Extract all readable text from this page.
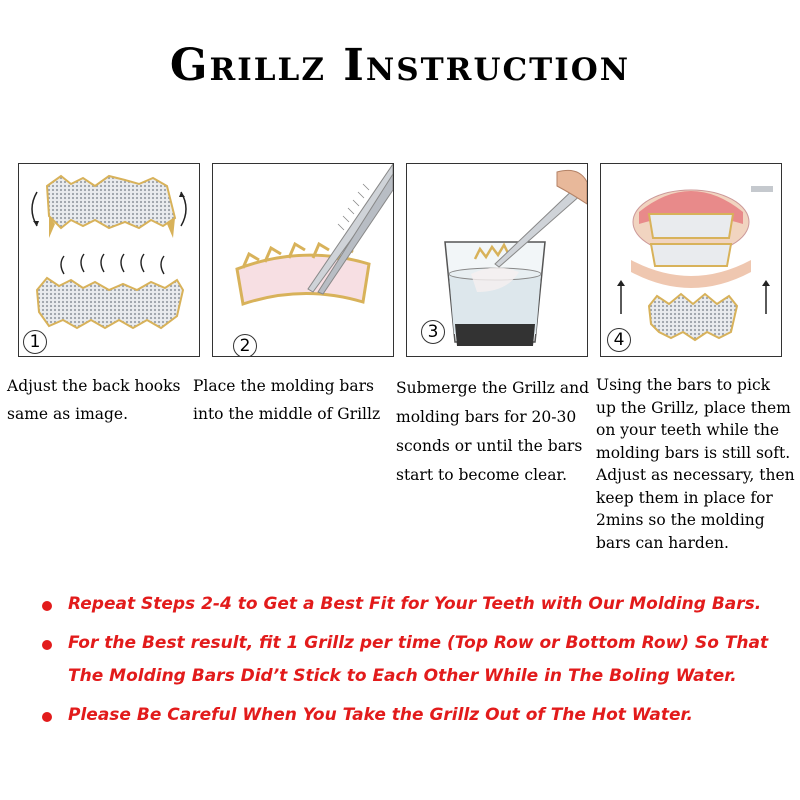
Grillz Instruction
1	2
3	4
Adjust the back hooks
same as image.
Place the molding bars
into the middle of Grillz
Submerge the Grillz and
molding bars for 20-30
sconds or until the bars
start to become clear.
Using the bars to pick
up the Grillz, place them
on your teeth while the
molding bars is still soft.
Adjust as necessary, then
keep them in place for
2mins so the molding
bars can harden.
Repeat Steps 2-4 to Get a Best Fit for Your Teeth with Our Molding Bars.
For the Best result, fit 1 Grillz per time (Top Row or Bottom Row) So That
The Molding Bars Did’t Stick to Each Other While in The Boling Water.
Please Be Careful When You Take the Grillz Out of The Hot Water.
